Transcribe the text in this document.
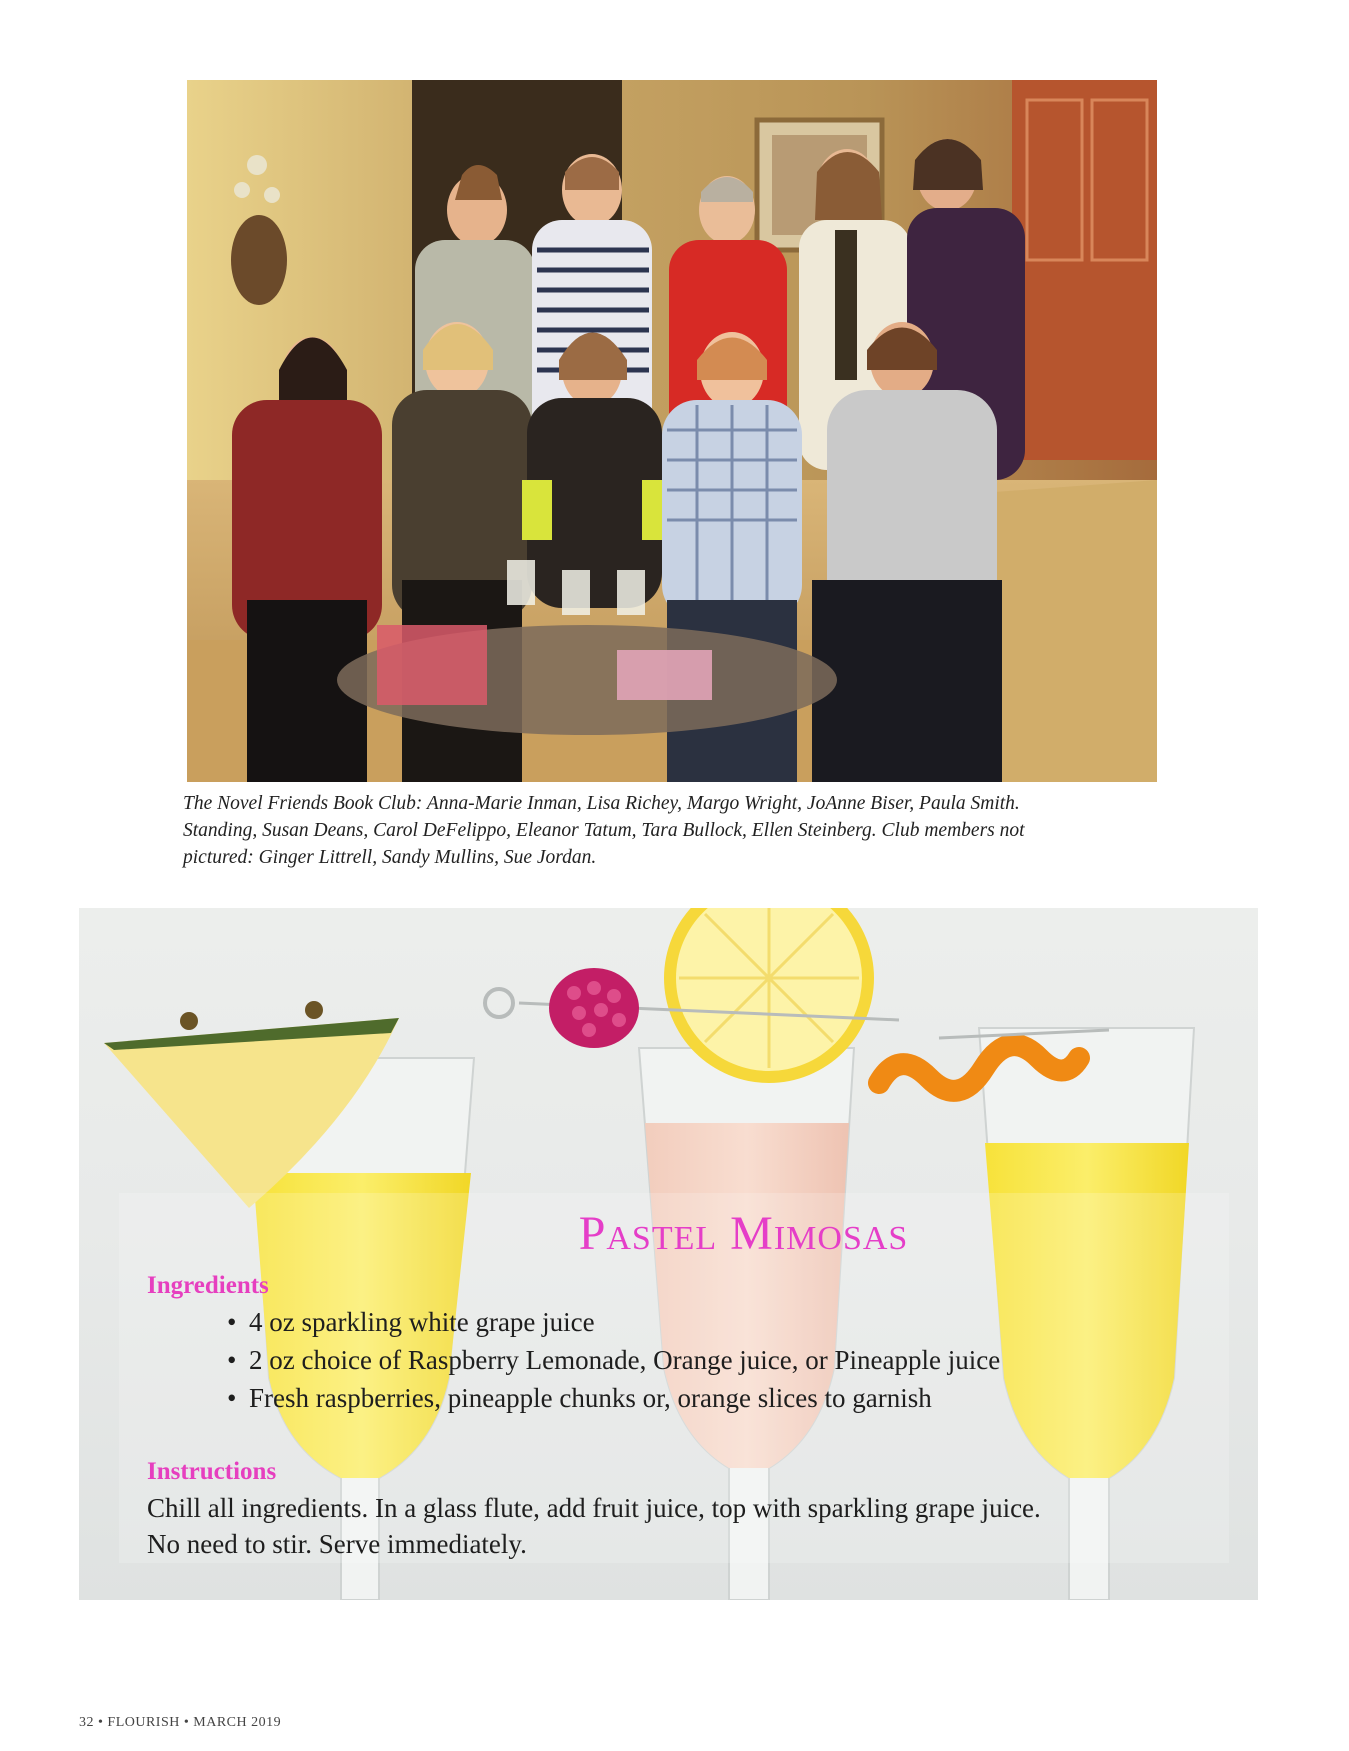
The Novel Friends Book Club: Anna-Marie Inman, Lisa Richey, Margo Wright, JoAnne Biser, Paula Smith.
Standing, Susan Deans, Carol DeFelippo, Eleanor Tatum, Tara Bullock, Ellen Steinberg. Club members not
pictured: Ginger Littrell, Sandy Mullins, Sue Jordan.
Pastel Mimosas
Ingredients
• 4 oz sparkling white grape juice
• 2 oz choice of Raspberry Lemonade, Orange juice, or Pineapple juice
• Fresh raspberries, pineapple chunks or, orange slices to garnish
Instructions

Chill all ingredients. In a glass flute, add fruit juice, top with sparkling grape juice.

No need to stir. Serve immediately.

32 • FLOURISH • MARCH 2019
